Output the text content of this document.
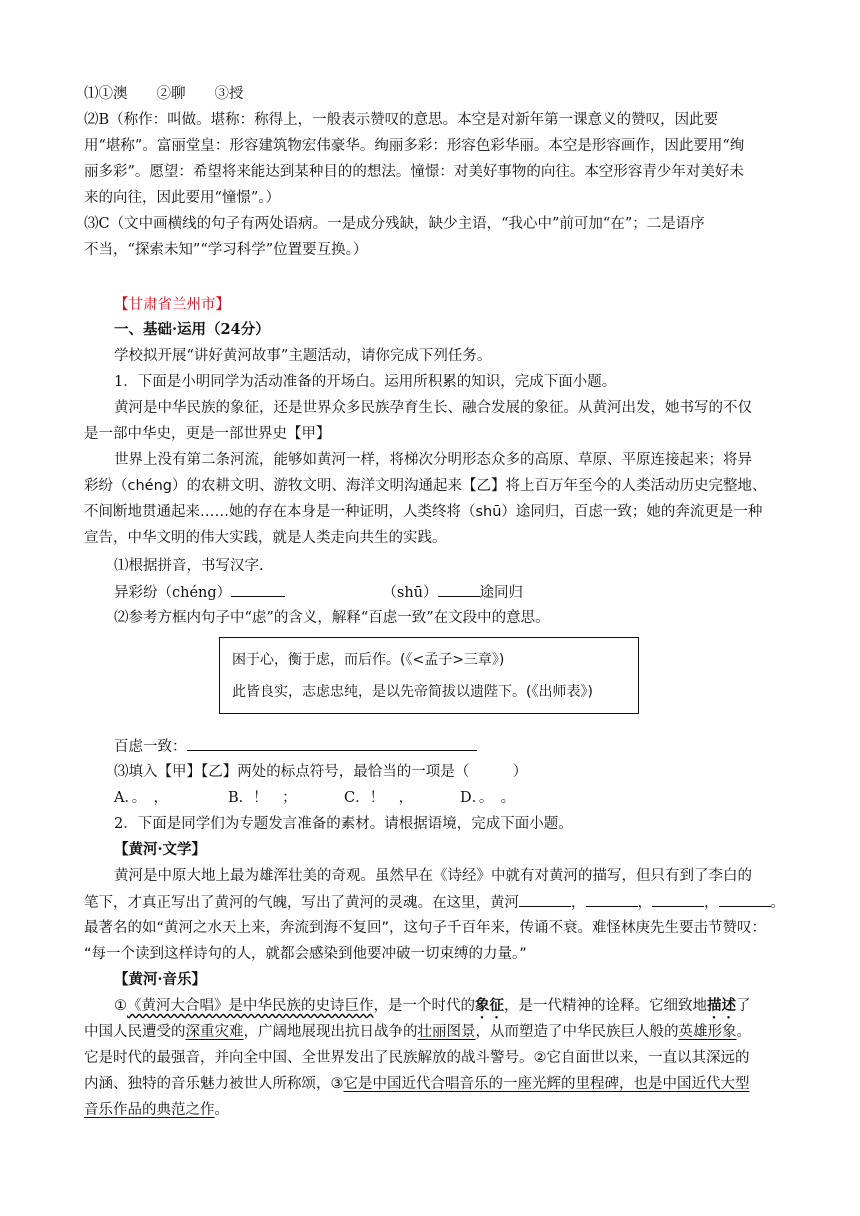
⑴①澳　　②聊　　③授
⑵B（称作：叫做。堪称：称得上，一般表示赞叹的意思。本空是对新年第一课意义的赞叹，因此要
用“堪称”。富丽堂皇：形容建筑物宏伟豪华。绚丽多彩：形容色彩华丽。本空是形容画作，因此要用“绚
丽多彩”。愿望：希望将来能达到某种目的的想法。憧憬：对美好事物的向往。本空形容青少年对美好未
来的向往，因此要用“憧憬”。）
⑶C（文中画横线的句子有两处语病。一是成分残缺，缺少主语，“我心中”前可加“在”；二是语序
不当，“探索未知”“学习科学”位置要互换。）
【甘肃省兰州市】
一、基础·运用（24分）
学校拟开展“讲好黄河故事”主题活动，请你完成下列任务。
1．下面是小明同学为活动准备的开场白。运用所积累的知识，完成下面小题。
黄河是中华民族的象征，还是世界众多民族孕育生长、融合发展的象征。从黄河出发，她书写的不仅
是一部中华史，更是一部世界史【甲】
世界上没有第二条河流，能够如黄河一样，将梯次分明形态众多的高原、草原、平原连接起来；将异
彩纷（chéng）的农耕文明、游牧文明、海洋文明沟通起来【乙】将上百万年至今的人类活动历史完整地、
不间断地贯通起来……她的存在本身是一种证明，人类终将（shū）途同归，百虑一致；她的奔流更是一种
宣告，中华文明的伟大实践，就是人类走向共生的实践。
⑴根据拼音，书写汉字.
异彩纷（chéng）	（shū）	途同归
⑵参考方框内句子中“虑”的含义，解释“百虑一致”在文段中的意思。
困于心，衡于虑，而后作。(《<孟子>三章》)
此皆良实，志虑忠纯，是以先帝简拔以遗陛下。(《出师表》)
百虑一致：
⑶填入【甲】【乙】两处的标点符号，最恰当的一项是（　　　）
A．。　，	B．！　；	C．！　，	D．。　。
2．下面是同学们为专题发言准备的素材。请根据语境，完成下面小题。
【黄河·文学】
黄河是中原大地上最为雄浑壮美的奇观。虽然早在《诗经》中就有对黄河的描写，但只有到了李白的
笔下，才真正写出了黄河的气魄，写出了黄河的灵魂。在这里，黄河	，	，	，	。
最著名的如“黄河之水天上来，奔流到海不复回”，这句子千百年来，传诵不衰。难怪林庚先生要击节赞叹：
“每一个读到这样诗句的人，就都会感染到他要冲破一切束缚的力量。”
【黄河·音乐】
①《黄河大合唱》是中华民族的史诗巨作，是一个时代的象征，是一代精神的诠释。它细致地描述了
中国人民遭受的深重灾难，广阔地展现出抗日战争的壮丽图景，从而塑造了中华民族巨人般的英雄形象。
它是时代的最强音，并向全中国、全世界发出了民族解放的战斗警号。②它自面世以来，一直以其深远的
内涵、独特的音乐魅力被世人所称颂，③它是中国近代合唱音乐的一座光辉的里程碑，也是中国近代大型
音乐作品的典范之作。
